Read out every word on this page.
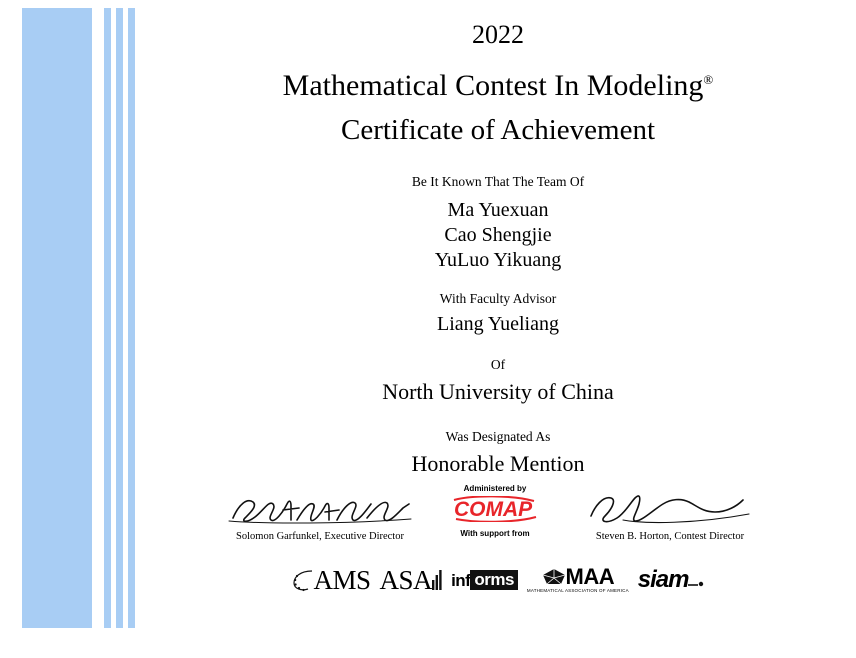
2022
Mathematical Contest In Modeling®
Certificate of Achievement
Be It Known That The Team Of
Ma Yuexuan
Cao Shengjie
YuLuo Yikuang
With Faculty Advisor
Liang Yueliang
Of
North University of China
Was Designated As
Honorable Mention
Solomon Garfunkel, Executive Director
Administered by
COMAP
With support from	Steven B. Horton, Contest Director
AMS ASA inf orms MAA
MATHEMATICAL ASSOCIATION OF AMERICA siam
